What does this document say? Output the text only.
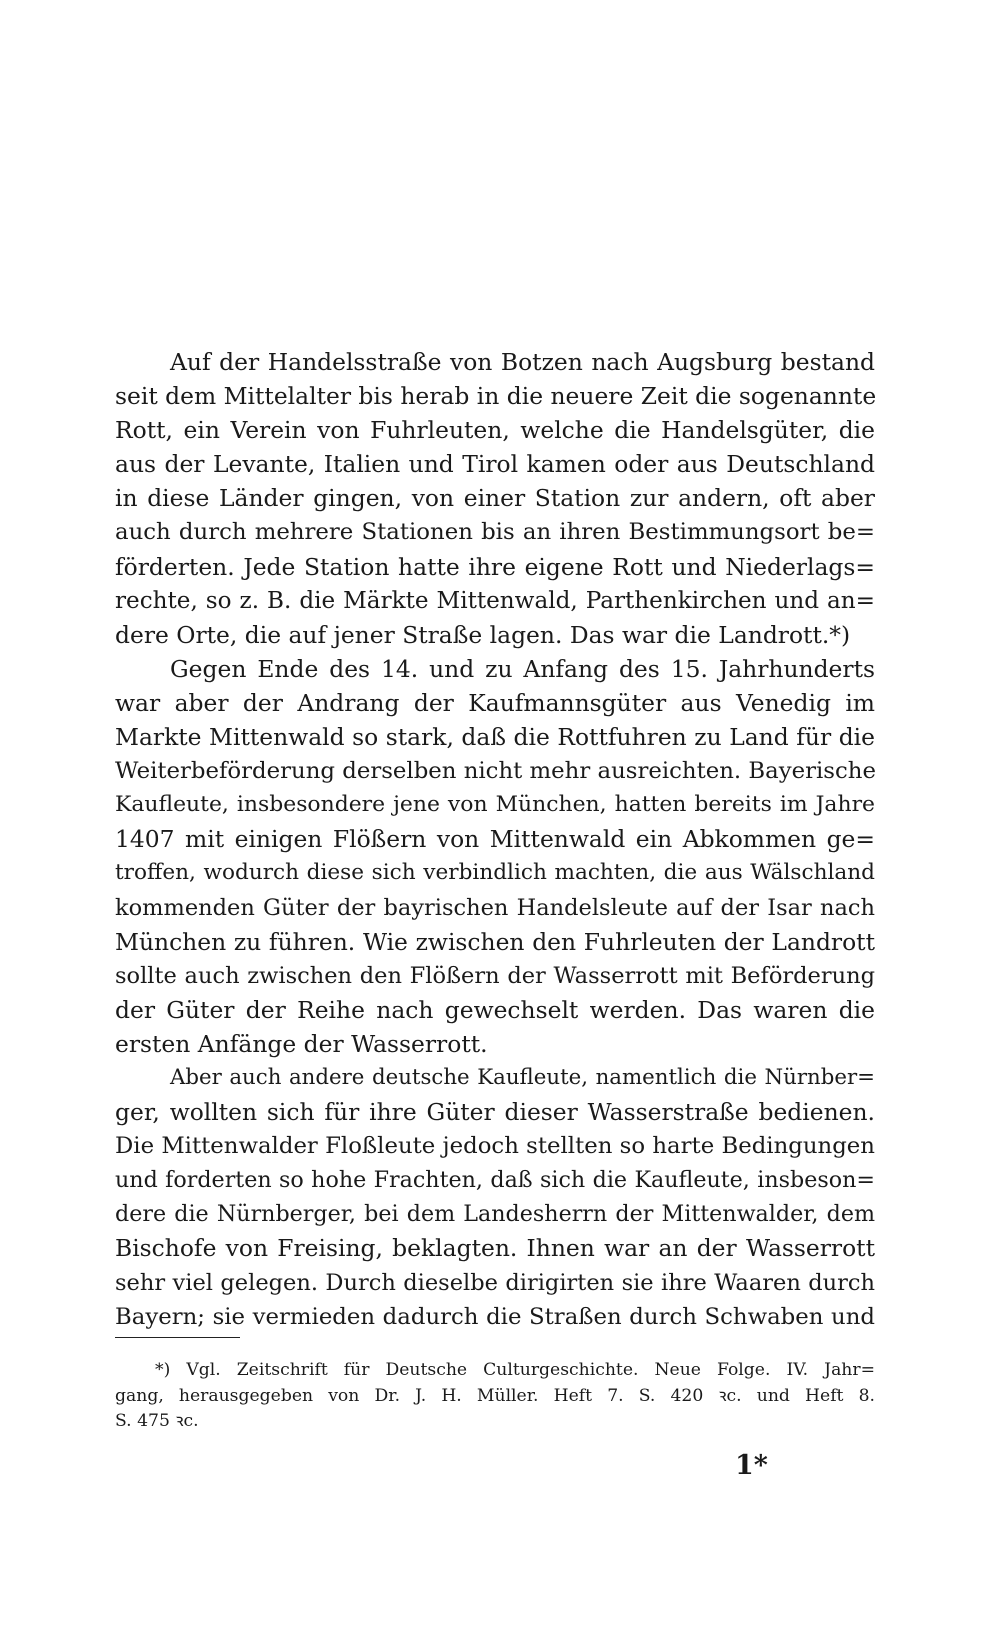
Auf der Handelsstraße von Botzen nach Augsburg bestand
seit dem Mittelalter bis herab in die neuere Zeit die sogenannte
Rott, ein Verein von Fuhrleuten, welche die Handelsgüter, die
aus der Levante, Italien und Tirol kamen oder aus Deutschland
in diese Länder gingen, von einer Station zur andern, oft aber
auch durch mehrere Stationen bis an ihren Bestimmungsort be=
förderten. Jede Station hatte ihre eigene Rott und Niederlags=
rechte, so z. B. die Märkte Mittenwald, Parthenkirchen und an=
dere Orte, die auf jener Straße lagen. Das war die Landrott.*)
Gegen Ende des 14. und zu Anfang des 15. Jahrhunderts
war aber der Andrang der Kaufmannsgüter aus Venedig im
Markte Mittenwald so stark, daß die Rottfuhren zu Land für die
Weiterbeförderung derselben nicht mehr ausreichten. Bayerische
Kaufleute, insbesondere jene von München, hatten bereits im Jahre
1407 mit einigen Flößern von Mittenwald ein Abkommen ge=
troffen, wodurch diese sich verbindlich machten, die aus Wälschland
kommenden Güter der bayrischen Handelsleute auf der Isar nach
München zu führen. Wie zwischen den Fuhrleuten der Landrott
sollte auch zwischen den Flößern der Wasserrott mit Beförderung
der Güter der Reihe nach gewechselt werden. Das waren die
ersten Anfänge der Wasserrott.
Aber auch andere deutsche Kaufleute, namentlich die Nürnber=
ger, wollten sich für ihre Güter dieser Wasserstraße bedienen.
Die Mittenwalder Floßleute jedoch stellten so harte Bedingungen
und forderten so hohe Frachten, daß sich die Kaufleute, insbeson=
dere die Nürnberger, bei dem Landesherrn der Mittenwalder, dem
Bischofe von Freising, beklagten. Ihnen war an der Wasserrott
sehr viel gelegen. Durch dieselbe dirigirten sie ihre Waaren durch
Bayern; sie vermieden dadurch die Straßen durch Schwaben und
*) Vgl. Zeitschrift für Deutsche Culturgeschichte. Neue Folge. IV. Jahr=
gang, herausgegeben von Dr. J. H. Müller. Heft 7. S. 420 ꝛc. und Heft 8.
S. 475 ꝛc.
1*
